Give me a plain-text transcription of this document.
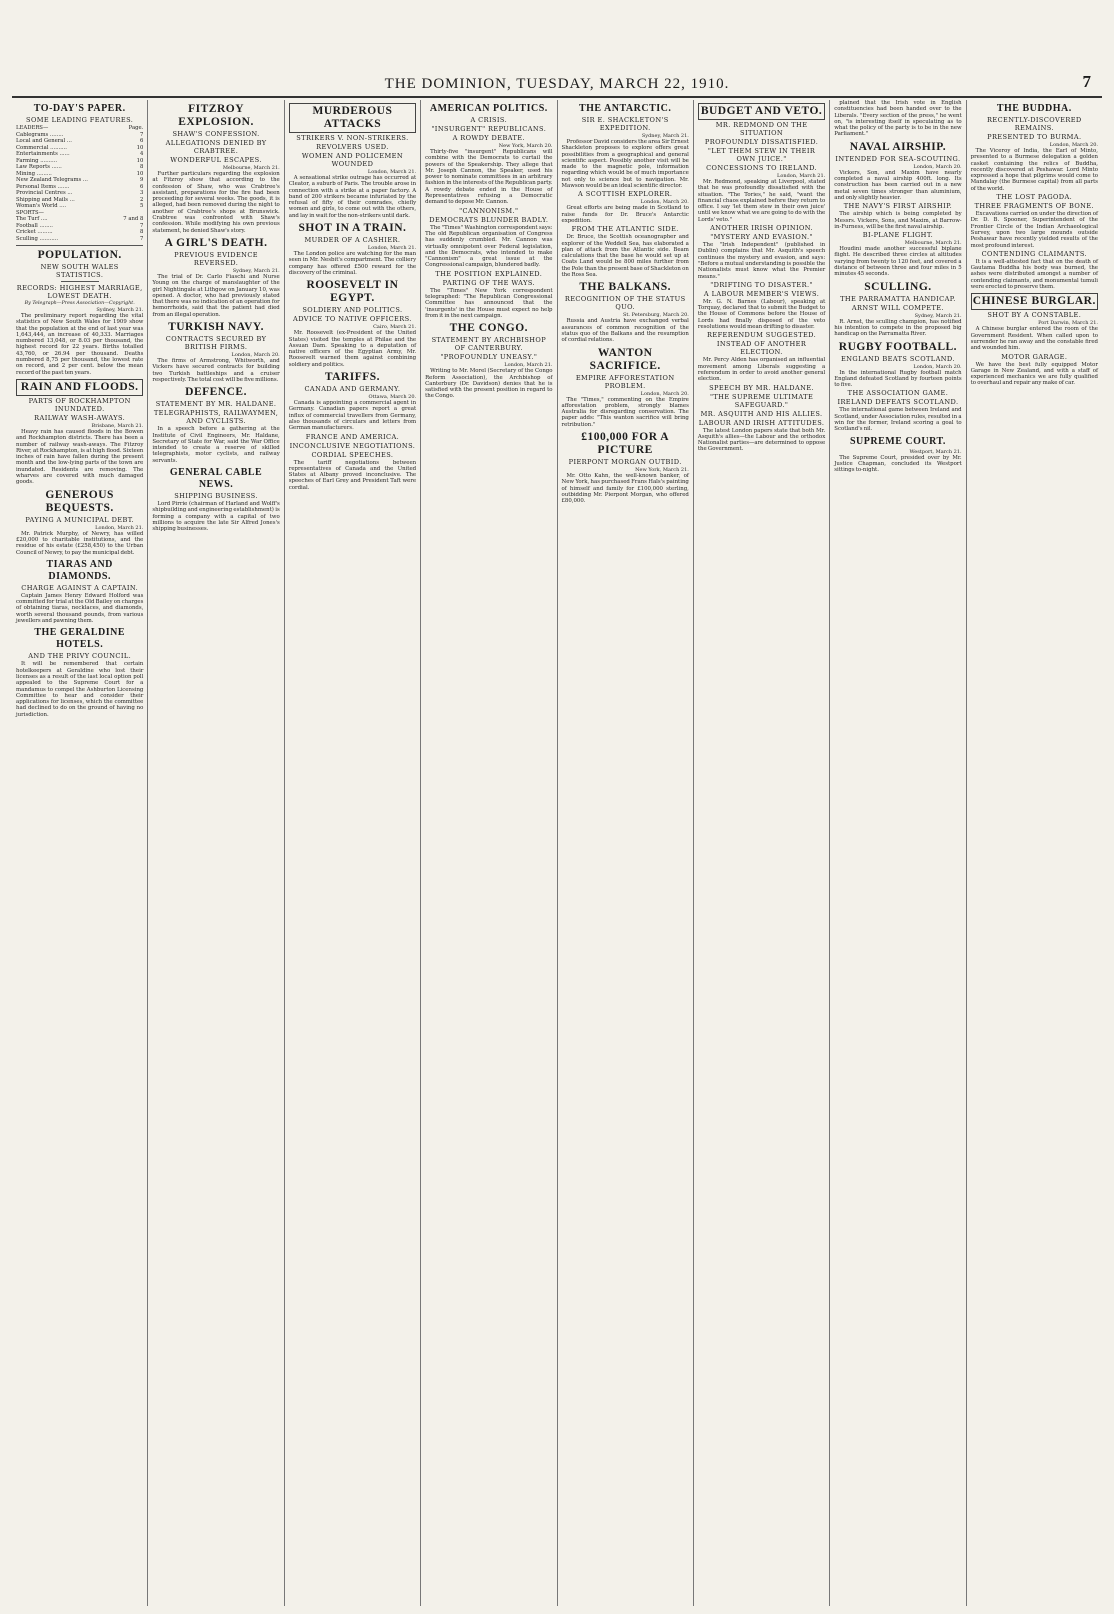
THE DOMINION, TUESDAY, MARCH 22, 1910.	7
TO-DAY'S PAPER.
SOME LEADING FEATURES.
LEADERS—	Page.
Cablegrams ........	7
Local and General ...	6
Commercial ..........	10
Entertainments ......	4
Farming ..........	10
Law Reports ......	8
Mining .........	10
New Zealand Telegrams ...	9
Personal Items .......	6
Provincial Centres ...	3
Shipping and Mails ...	2
Woman's World ....	5
SPORTS—
The Turf ....	7 and 8
Football ........	7
Cricket .........	8
Sculling ...........	7
POPULATION.
NEW SOUTH WALES STATISTICS.
RECORDS: HIGHEST MARRIAGE, LOWEST DEATH.
By Telegraph—Press Association—Copyright.
Sydney, March 21.

The preliminary report regarding the vital statistics of New South Wales for 1909 show that the population at the end of last year was 1,643,444, an increase of 40,333. Marriages numbered 13,048, or 8.03 per thousand, the highest record for 22 years. Births totalled 43,760, or 26.94 per thousand. Deaths numbered 8,75 per thousand, the lowest rate on record, and 2 per cent. below the mean record of the past ten years.

RAIN AND FLOODS.
PARTS OF ROCKHAMPTON INUNDATED.
RAILWAY WASH-AWAYS.
Brisbane, March 21.

Heavy rain has caused floods in the Bowen and Rockhampton districts. There has been a number of railway wash-aways. The Fitzroy River, at Rockhampton, is at high flood. Sixteen inches of rain have fallen during the present month and the low-lying parts of the town are inundated. Residents are removing. The wharves are covered with much damaged goods.

GENEROUS BEQUESTS.
PAYING A MUNICIPAL DEBT.
London, March 21.

Mr. Patrick Murphy, of Newry, has willed £20,000 to charitable institutions, and the residue of his estate (£258,450) to the Urban Council of Newry, to pay the municipal debt.

TIARAS AND DIAMONDS.
CHARGE AGAINST A CAPTAIN.

Captain James Henry Edward Holford was committed for trial at the Old Bailey on charges of obtaining tiaras, necklaces, and diamonds, worth several thousand pounds, from various jewellers and pawning them.

THE GERALDINE HOTELS.
AND THE PRIVY COUNCIL.

It will be remembered that certain hotelkeepers at Geraldine who lost their licenses as a result of the last local option poll appealed to the Supreme Court for a mandamus to compel the Ashburton Licensing Committee to hear and consider their applications for licenses, which the committee had declined to do on the ground of having no jurisdiction.

FITZROY EXPLOSION.
SHAW'S CONFESSION.
ALLEGATIONS DENIED BY CRABTREE.
WONDERFUL ESCAPES.
Melbourne, March 21.

Further particulars regarding the explosion at Fitzroy show that according to the confession of Shaw, who was Crabtree's assistant, preparations for the fire had been proceeding for several weeks. The goods, it is alleged, had been removed during the night to another of Crabtree's shops at Brunswick. Crabtree was confronted with Shaw's confession. While modifying his own previous statement, he denied Shaw's story.

A GIRL'S DEATH.
PREVIOUS EVIDENCE REVERSED.
Sydney, March 21.

The trial of Dr. Carlo Fiaschi and Nurse Young on the charge of manslaughter of the girl Nightingale at Lithgow on January 10, was opened. A doctor, who had previously stated that there was no indication of an operation for hemorrhoids, said that the patient had died from an illegal operation.

TURKISH NAVY.
CONTRACTS SECURED BY BRITISH FIRMS.
London, March 20.

The firms of Armstrong, Whitworth, and Vickers have secured contracts for building two Turkish battleships and a cruiser respectively. The total cost will be five millions.

DEFENCE.
STATEMENT BY MR. HALDANE.
TELEGRAPHISTS, RAILWAYMEN, AND CYCLISTS.

In a speech before a gathering at the Institute of Civil Engineers, Mr. Haldane, Secretary of State for War, said the War Office intended to create a reserve of skilled telegraphists, motor cyclists, and railway servants.

GENERAL CABLE NEWS.
SHIPPING BUSINESS.

Lord Pirrie (chairman of Harland and Wolff's shipbuilding and engineering establishment) is forming a company with a capital of two millions to acquire the late Sir Alfred Jones's shipping businesses.

MURDEROUS ATTACKS
STRIKERS V. NON-STRIKERS.
REVOLVERS USED.
WOMEN AND POLICEMEN WOUNDED
London, March 21.

A sensational strike outrage has occurred at Cleator, a suburb of Paris. The trouble arose in connection with a strike at a paper factory. A band of 200 strikers became infuriated by the refusal of fifty of their comrades, chiefly women and girls, to come out with the others, and lay in wait for the non-strikers until dark.

SHOT IN A TRAIN.
MURDER OF A CASHIER.
London, March 21.

The London police are watching for the man seen in Mr. Nesbit's compartment. The colliery company has offered £500 reward for the discovery of the criminal.

ROOSEVELT IN EGYPT.
SOLDIERY AND POLITICS.
ADVICE TO NATIVE OFFICERS.
Cairo, March 21.

Mr. Roosevelt (ex-President of the United States) visited the temples at Philae and the Assuan Dam. Speaking to a deputation of native officers of the Egyptian Army, Mr. Roosevelt warned them against combining soldiery and politics.

TARIFFS.
CANADA AND GERMANY.
Ottawa, March 20.

Canada is appointing a commercial agent in Germany. Canadian papers report a great influx of commercial travellers from Germany, also thousands of circulars and letters from German manufacturers.

FRANCE AND AMERICA.
INCONCLUSIVE NEGOTIATIONS.
CORDIAL SPEECHES.

The tariff negotiations between representatives of Canada and the United States at Albany proved inconclusive. The speeches of Earl Grey and President Taft were cordial.

AMERICAN POLITICS.
A CRISIS.
"INSURGENT" REPUBLICANS.
A ROWDY DEBATE.
New York, March 20.

Thirty-five "insurgent" Republicans will combine with the Democrats to curtail the powers of the Speakership. They allege that Mr. Joseph Cannon, the Speaker, used his power to nominate committees in an arbitrary fashion in the interests of the Republican party. A rowdy debate ended in the House of Representatives refusing a Democratic demand to depose Mr. Cannon.

"CANNONISM."
DEMOCRATS BLUNDER BADLY.

The "Times" Washington correspondent says: The old Republican organisation of Congress has suddenly crumbled. Mr. Cannon was virtually omnipotent over Federal legislation, and the Democrats, who intended to make "Cannonism" a great issue at the Congressional campaign, blundered badly.

THE POSITION EXPLAINED.
PARTING OF THE WAYS.

The "Times" New York correspondent telegraphed: "The Republican Congressional Committee has announced that the 'insurgents' in the House must expect no help from it in the next campaign.

THE CONGO.
STATEMENT BY ARCHBISHOP OF CANTERBURY.
"PROFOUNDLY UNEASY."
London, March 21.

Writing to Mr. Morel (Secretary of the Congo Reform Association), the Archbishop of Canterbury (Dr. Davidson) denies that he is satisfied with the present position in regard to the Congo.

THE ANTARCTIC.
SIR E. SHACKLETON'S EXPEDITION.
Sydney, March 21.

Professor David considers the area Sir Ernest Shackleton proposes to explore offers great possibilities from a geographical and general scientific aspect. Possibly another visit will be made to the magnetic pole, information regarding which would be of much importance not only to science but to navigation. Mr. Mawson would be an ideal scientific director.

A SCOTTISH EXPLORER.
London, March 20.

Great efforts are being made in Scotland to raise funds for Dr. Bruce's Antarctic expedition.

FROM THE ATLANTIC SIDE.

Dr. Bruce, the Scottish oceanographer and explorer of the Weddell Sea, has elaborated a plan of attack from the Atlantic side. Beam calculations that the base he would set up at Coats Land would be 800 miles further from the Pole than the present base of Shackleton on the Ross Sea.

THE BALKANS.
RECOGNITION OF THE STATUS QUO.
St. Petersburg, March 20.

Russia and Austria have exchanged verbal assurances of common recognition of the status quo of the Balkans and the resumption of cordial relations.

WANTON SACRIFICE.
EMPIRE AFFORESTATION PROBLEM.
London, March 20.

The "Times," commenting on the Empire afforestation problem, strongly blames Australia for disregarding conservation. The paper adds: "This wanton sacrifice will bring retribution."

£100,000 FOR A PICTURE
PIERPONT MORGAN OUTBID.
New York, March 21.

Mr. Otto Kahn, the well-known banker, of New York, has purchased Frans Hals's painting of himself and family for £100,000 sterling, outbidding Mr. Pierpont Morgan, who offered £80,000.

BUDGET AND VETO.
MR. REDMOND ON THE SITUATION
PROFOUNDLY DISSATISFIED.
"LET THEM STEW IN THEIR OWN JUICE."
CONCESSIONS TO IRELAND.
London, March 21.

Mr. Redmond, speaking at Liverpool, stated that he was profoundly dissatisfied with the situation. "The Tories," he said, "want the financial chaos explained before they return to office. I say 'let them stew in their own juice' until we know what we are going to do with the Lords' veto."

ANOTHER IRISH OPINION.
"MYSTERY AND EVASION."

The "Irish Independent" (published in Dublin) complains that Mr. Asquith's speech continues the mystery and evasion, and says: "Before a mutual understanding is possible the Nationalists must know what the Premier means."

"DRIFTING TO DISASTER."
A LABOUR MEMBER'S VIEWS.

Mr. G. N. Barnes (Labour), speaking at Torquay, declared that to submit the Budget to the House of Commons before the House of Lords had finally disposed of the veto resolutions would mean drifting to disaster.

REFERENDUM SUGGESTED.
INSTEAD OF ANOTHER ELECTION.

Mr. Percy Alden has organised an influential movement among Liberals suggesting a referendum in order to avoid another general election.

SPEECH BY MR. HALDANE.
"THE SUPREME ULTIMATE SAFEGUARD."
MR. ASQUITH AND HIS ALLIES.
LABOUR AND IRISH ATTITUDES.

The latest London papers state that both Mr. Asquith's allies—the Labour and the orthodox Nationalist parties—are determined to oppose the Government.

plained that the Irish vote in English constituencies had been handed over to the Liberals. "Every section of the press," he went on, "is interesting itself in speculating as to what the policy of the party is to be in the new Parliament."

NAVAL AIRSHIP.
INTENDED FOR SEA-SCOUTING.
London, March 20.

Vickers, Son, and Maxim have nearly completed a naval airship 400ft. long. Its construction has been carried out in a new metal seven times stronger than aluminium, and only slightly heavier.

THE NAVY'S FIRST AIRSHIP.

The airship which is being completed by Messrs. Vickers, Sons, and Maxim, at Barrow-in-Furness, will be the first naval airship.

BI-PLANE FLIGHT.
Melbourne, March 21.

Houdini made another successful biplane flight. He described three circles at altitudes varying from twenty to 120 feet, and covered a distance of between three and four miles in 5 minutes 45 seconds.

SCULLING.
THE PARRAMATTA HANDICAP.
ARNST WILL COMPETE.
Sydney, March 21.

R. Arnst, the sculling champion, has notified his intention to compete in the proposed big handicap on the Parramatta River.

RUGBY FOOTBALL.
ENGLAND BEATS SCOTLAND.
London, March 20.

In the international Rugby football match England defeated Scotland by fourteen points to five.

THE ASSOCIATION GAME.
IRELAND DEFEATS SCOTLAND.

The international game between Ireland and Scotland, under Association rules, resulted in a win for the former, Ireland scoring a goal to Scotland's nil.

SUPREME COURT.
Westport, March 21.

The Supreme Court, presided over by Mr. Justice Chapman, concluded its Westport sittings to-night.

THE BUDDHA.
RECENTLY-DISCOVERED REMAINS.
PRESENTED TO BURMA.
London, March 20.

The Viceroy of India, the Earl of Minto, presented to a Burmese delegation a golden casket containing the relics of Buddha, recently discovered at Peshawar. Lord Minto expressed a hope that pilgrims would come to Mandalay (the Burmese capital) from all parts of the world.

THE LOST PAGODA.
THREE FRAGMENTS OF BONE.

Excavations carried on under the direction of Dr. D. B. Spooner, Superintendent of the Frontier Circle of the Indian Archaeological Survey, upon two large mounds outside Peshawar have recently yielded results of the most profound interest.

CONTENDING CLAIMANTS.

It is a well-attested fact that on the death of Gautama Buddha his body was burned, the ashes were distributed amongst a number of contending claimants, and monumental tumuli were erected to preserve them.

CHINESE BURGLAR.
SHOT BY A CONSTABLE.
Port Darwin, March 21.

A Chinese burglar entered the room of the Government Resident. When called upon to surrender he ran away and the constable fired and wounded him.

MOTOR GARAGE.

We have the best fully equipped Motor Garage in New Zealand, and with a staff of experienced mechanics we are fully qualified to overhaul and repair any make of car.
